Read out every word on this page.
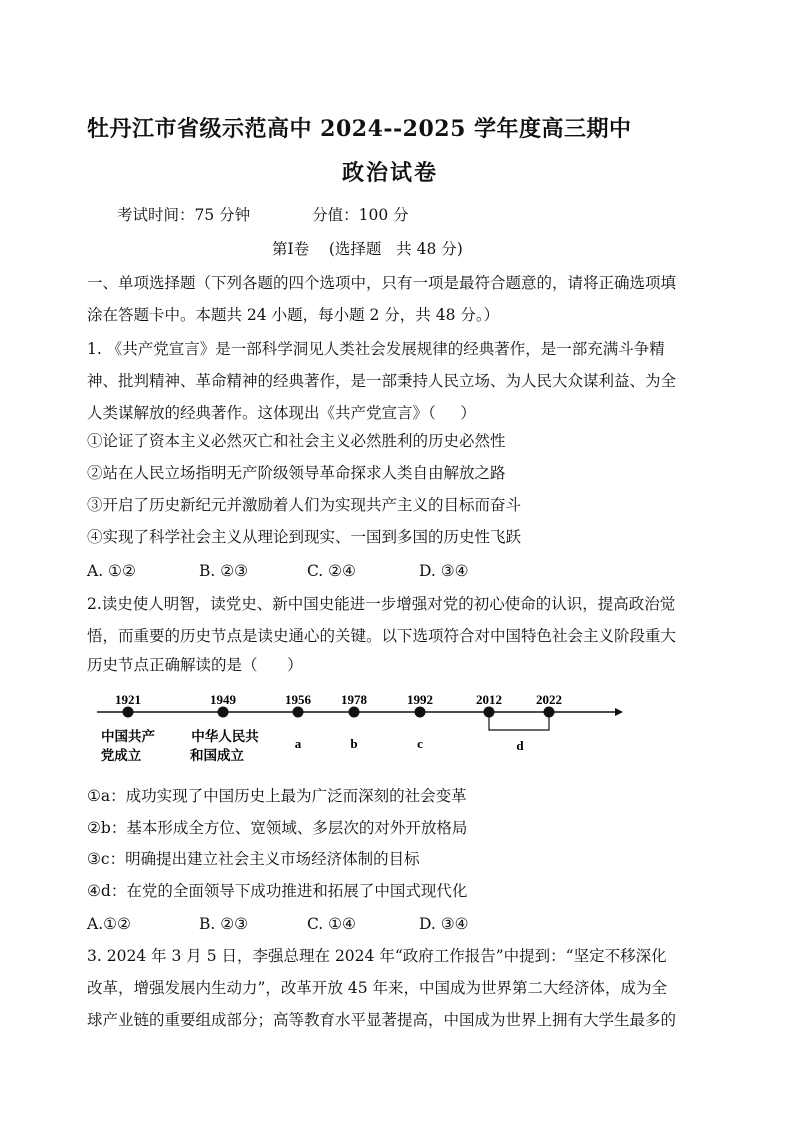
牡丹江市省级示范高中 2024--2025 学年度高三期中
政治试卷
考试时间：75 分钟	分值：100 分
第Ⅰ卷    (选择题   共 48 分)
一、单项选择题（下列各题的四个选项中，只有一项是最符合题意的，请将正确选项填
涂在答题卡中。本题共 24 小题，每小题 2 分，共 48 分。）
1. 《共产党宣言》是一部科学洞见人类社会发展规律的经典著作，是一部充满斗争精
神、批判精神、革命精神的经典著作，是一部秉持人民立场、为人民大众谋利益、为全
人类谋解放的经典著作。这体现出《共产党宣言》（     ）
①论证了资本主义必然灭亡和社会主义必然胜利的历史必然性
②站在人民立场指明无产阶级领导革命探求人类自由解放之路
③开启了历史新纪元并激励着人们为实现共产主义的目标而奋斗
④实现了科学社会主义从理论到现实、一国到多国的历史性飞跃
A. ①②	B. ②③	C. ②④	D. ③④
2.读史使人明智，读党史、新中国史能进一步增强对党的初心使命的认识，提高政治觉
悟，而重要的历史节点是读史通心的关键。以下选项符合对中国特色社会主义阶段重大
历史节点正确解读的是（      ）
1921	1949	1956 1978	1992	2012	2022
中国共产
党成立
中华人民共
和国成立
a	b	c	d
①a：成功实现了中国历史上最为广泛而深刻的社会变革
②b：基本形成全方位、宽领域、多层次的对外开放格局
③c：明确提出建立社会主义市场经济体制的目标
④d：在党的全面领导下成功推进和拓展了中国式现代化
A.①②	B. ②③	C. ①④	D. ③④
3. 2024 年 3 月 5 日，李强总理在 2024 年“政府工作报告”中提到：“坚定不移深化
改革，增强发展内生动力”，改革开放 45 年来，中国成为世界第二大经济体，成为全
球产业链的重要组成部分；高等教育水平显著提高，中国成为世界上拥有大学生最多的
